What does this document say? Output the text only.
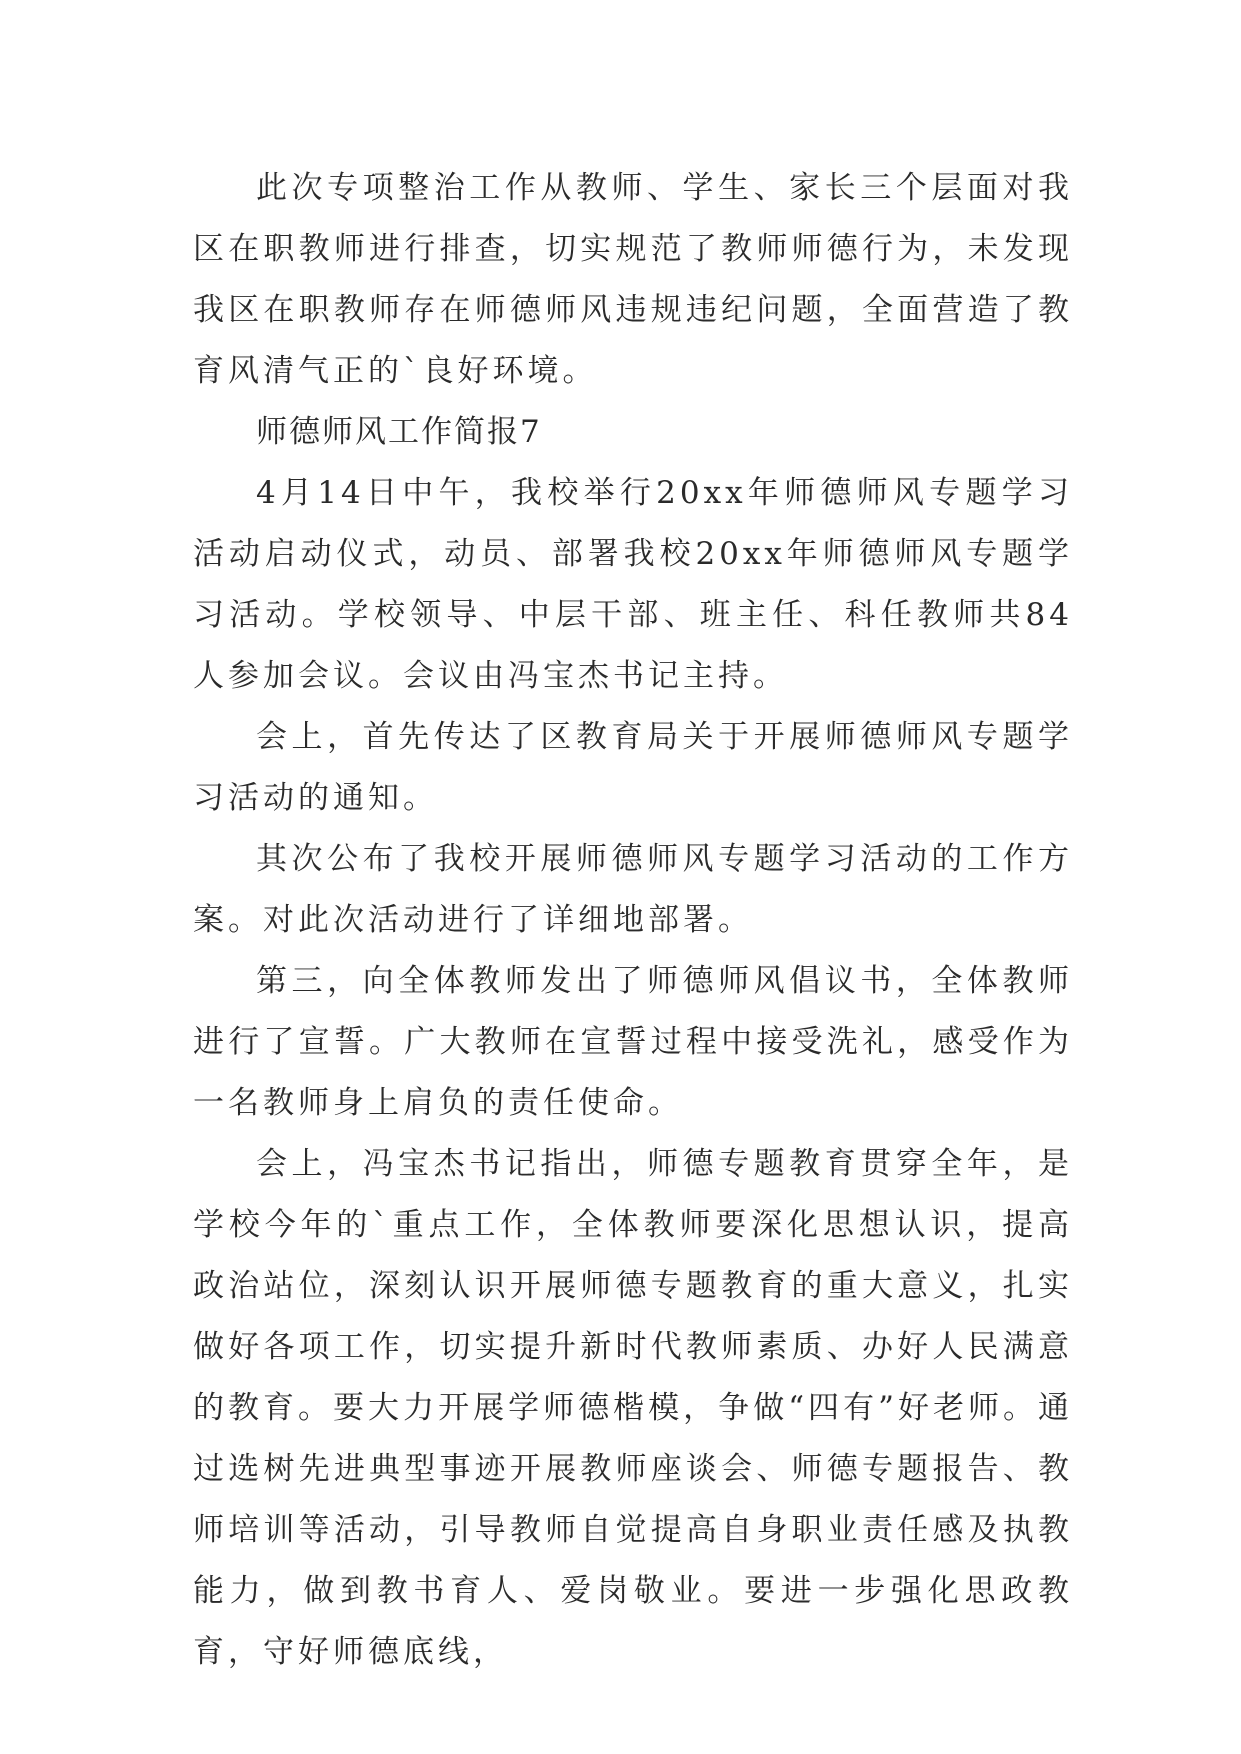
此次专项整治工作从教师、学生、家长三个层面对我区在职教师进行排查，切实规范了教师师德行为，未发现我区在职教师存在师德师风违规违纪问题，全面营造了教育风清气正的`良好环境。

师德师风工作简报7

4月14日中午，我校举行20xx年师德师风专题学习活动启动仪式，动员、部署我校20xx年师德师风专题学习活动。学校领导、中层干部、班主任、科任教师共84人参加会议。会议由冯宝杰书记主持。

会上，首先传达了区教育局关于开展师德师风专题学习活动的通知。

其次公布了我校开展师德师风专题学习活动的工作方案。对此次活动进行了详细地部署。

第三，向全体教师发出了师德师风倡议书，全体教师进行了宣誓。广大教师在宣誓过程中接受洗礼，感受作为一名教师身上肩负的责任使命。

会上，冯宝杰书记指出，师德专题教育贯穿全年，是学校今年的`重点工作，全体教师要深化思想认识，提高政治站位，深刻认识开展师德专题教育的重大意义，扎实做好各项工作，切实提升新时代教师素质、办好人民满意的教育。要大力开展学师德楷模，争做“四有”好老师。通过选树先进典型事迹开展教师座谈会、师德专题报告、教师培训等活动，引导教师自觉提高自身职业责任感及执教能力，做到教书育人、爱岗敬业。要进一步强化思政教育，守好师德底线，
